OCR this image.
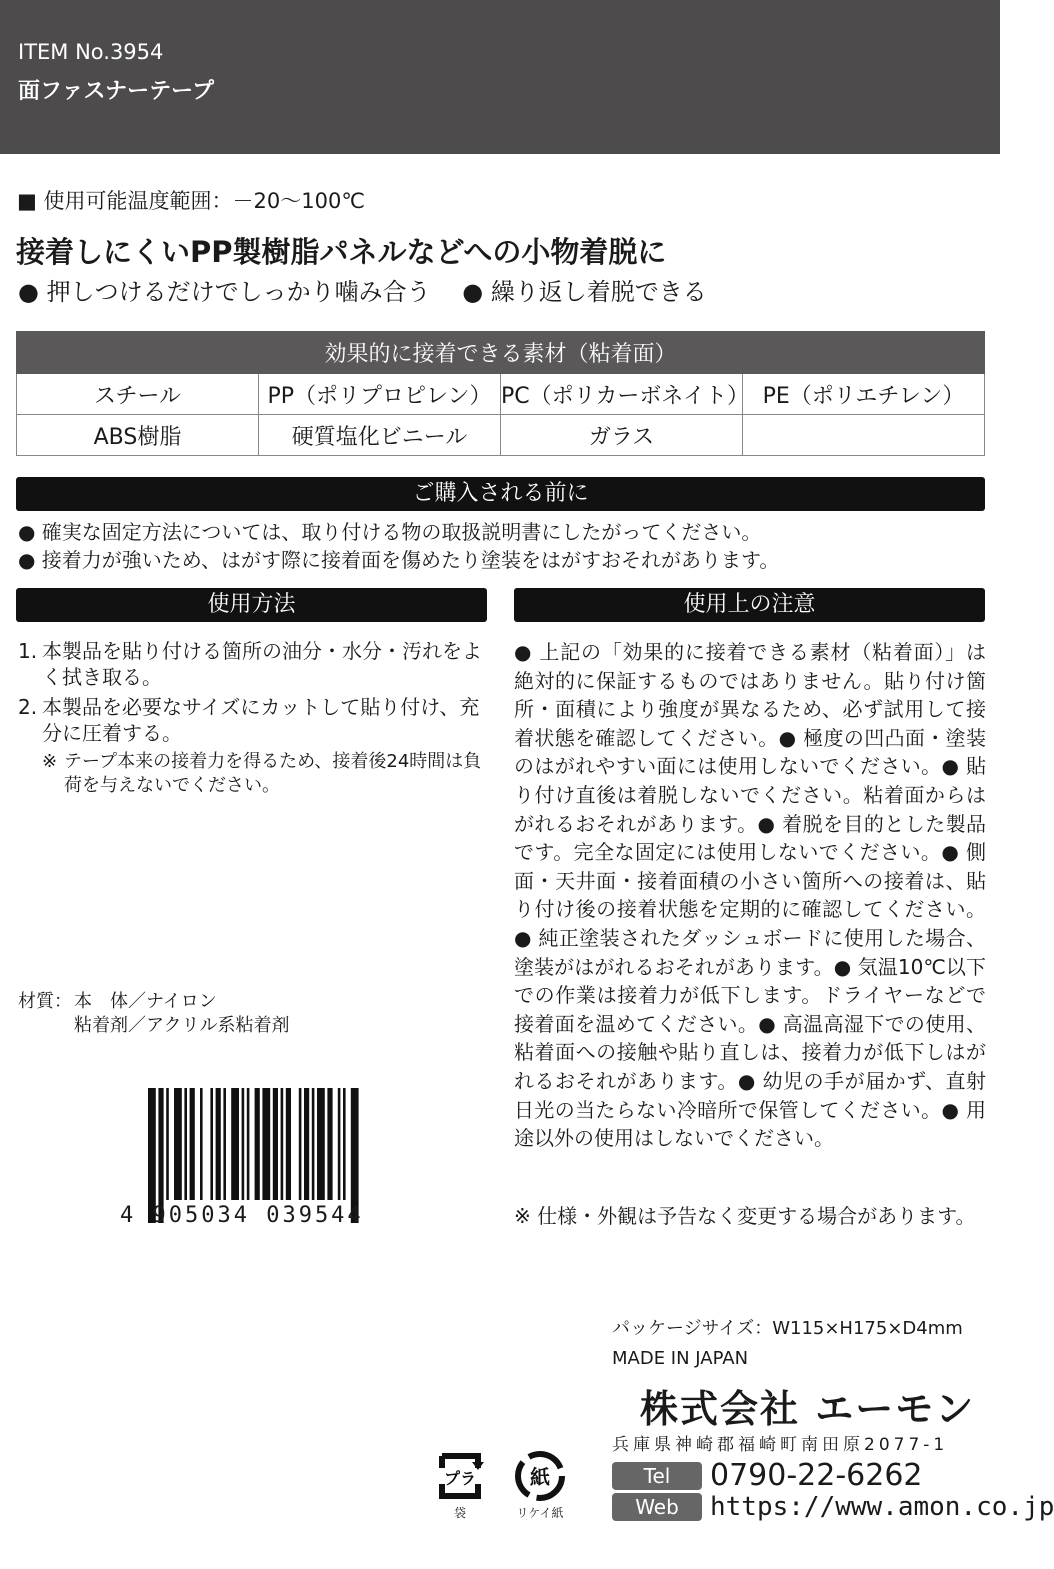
ITEM No.3954
面ファスナーテープ
■ 使用可能温度範囲：－20～100℃
接着しにくいPP製樹脂パネルなどへの小物着脱に
● 押しつけるだけでしっかり噛み合う ● 繰り返し着脱できる
効果的に接着できる素材（粘着面）			
スチール	PP（ポリプロピレン）	PC（ポリカーボネイト）	PE（ポリエチレン）
ABS樹脂	硬質塩化ビニール	ガラス	
ご購入される前に
● 確実な固定方法については、取り付ける物の取扱説明書にしたがってください。
● 接着力が強いため、はがす際に接着面を傷めたり塗装をはがすおそれがあります。
使用方法	使用上の注意
1. 本製品を貼り付ける箇所の油分・水分・汚れをよく拭き取る。
2. 本製品を必要なサイズにカットして貼り付け、充分に圧着する。
※ テープ本来の接着力を得るため、接着後24時間は負荷を与えないでください。
材質： 本　体／ナイロン
粘着剤／アクリル系粘着剤
4 905034 039544
● 上記の「効果的に接着できる素材（粘着面）」は絶対的に保証するものではありません。貼り付け箇所・面積により強度が異なるため、必ず試用して接着状態を確認してください。● 極度の凹凸面・塗装のはがれやすい面には使用しないでください。● 貼り付け直後は着脱しないでください。粘着面からはがれるおそれがあります。● 着脱を目的とした製品です。完全な固定には使用しないでください。● 側面・天井面・接着面積の小さい箇所への接着は、貼り付け後の接着状態を定期的に確認してください。● 純正塗装されたダッシュボードに使用した場合、塗装がはがれるおそれがあります。● 気温10℃以下での作業は接着力が低下します。ドライヤーなどで接着面を温めてください。● 高温高湿下での使用、粘着面への接触や貼り直しは、接着力が低下しはがれるおそれがあります。● 幼児の手が届かず、直射日光の当たらない冷暗所で保管してください。● 用途以外の使用はしないでください。
※ 仕様・外観は予告なく変更する場合があります。
パッケージサイズ：W115×H175×D4mm
MADE IN JAPAN
株式会社 エーモン
兵庫県神崎郡福崎町南田原2077-1
Tel	0790-22-6262
Web	https://www.amon.co.jp
プラ
袋
紙
リケイ紙
